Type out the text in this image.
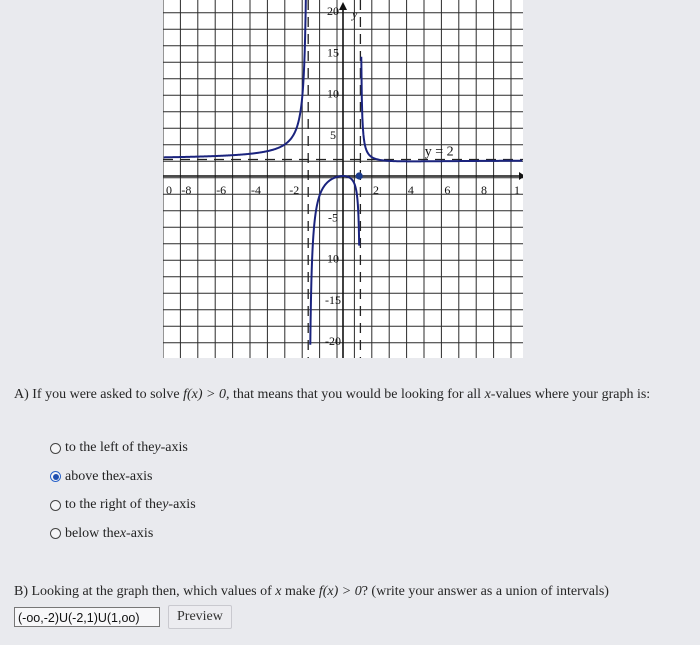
0 -8 -6 -4 -2	2 4	6	8 1
20
15
10
5
-5
10
-15
-20
y
y = 2
A) If you were asked to solve f(x) > 0, that means that you would be looking for all x-values where your graph is:
to the left of the y -axis
above the x -axis
to the right of the y -axis
below the x -axis
B) Looking at the graph then, which values of x make f(x) > 0? (write your answer as a union of intervals)
(-oo,-2)U(-2,1)U(1,oo)	Preview
